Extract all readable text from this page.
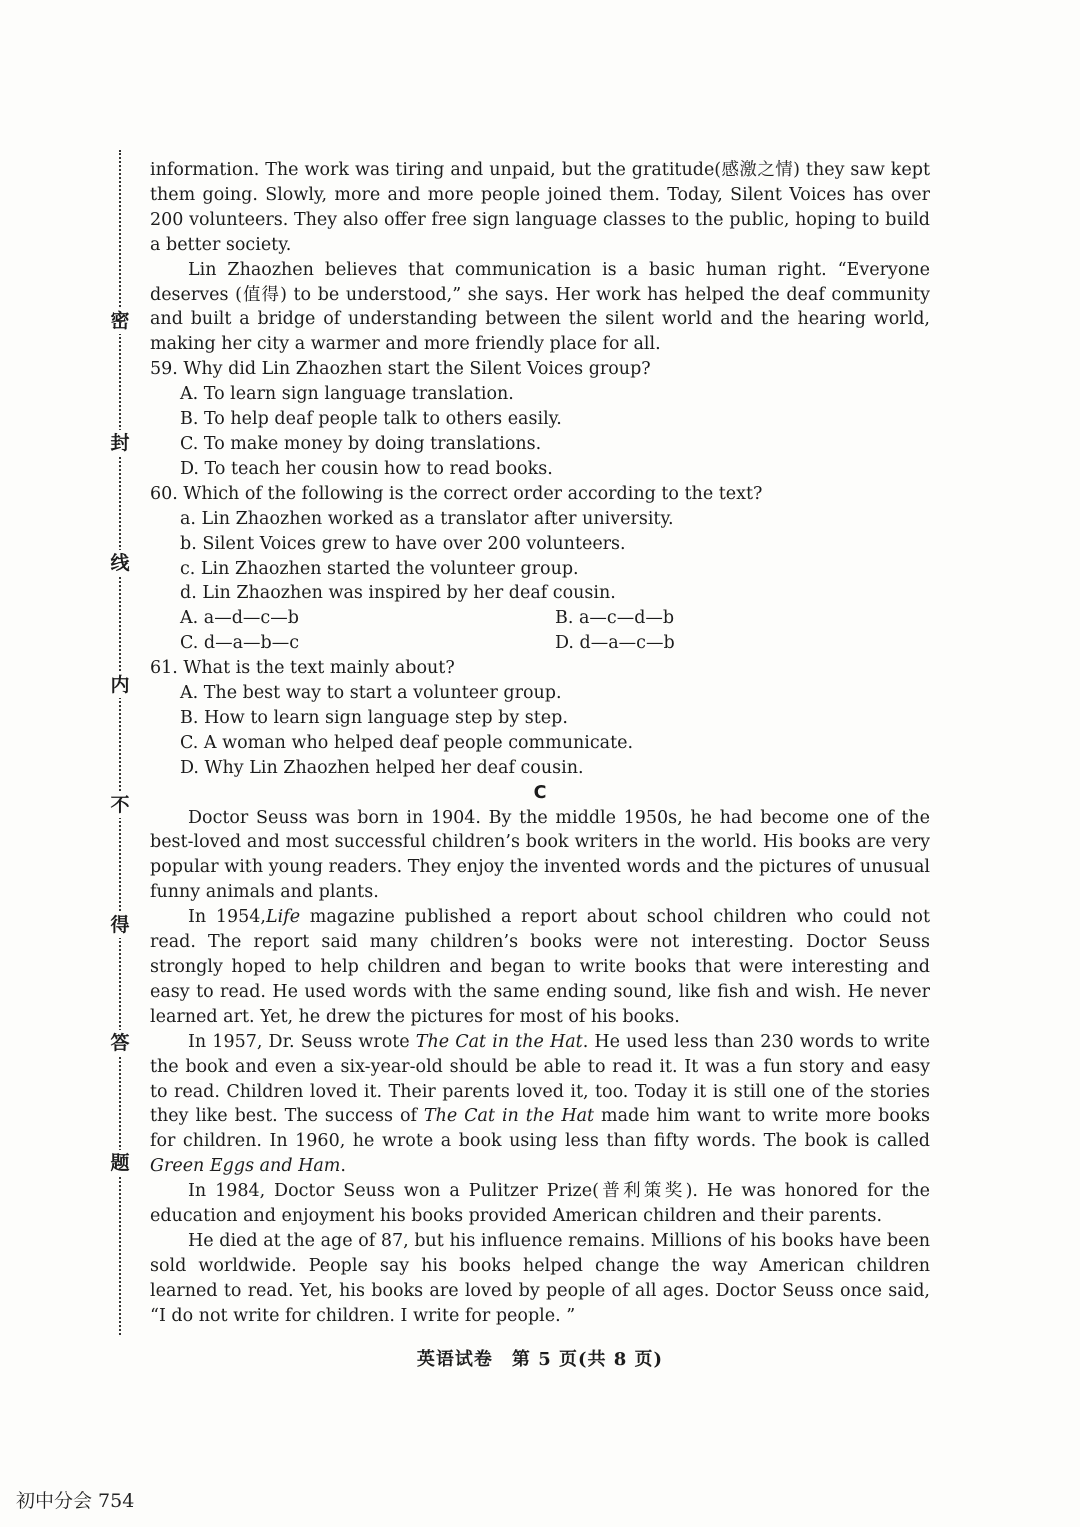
密
封
线
内
不
得
答
题

information. The work was tiring and unpaid, but the gratitude(感激之情) they saw kept them going. Slowly, more and more people joined them. Today, Silent Voices has over 200 volunteers. They also offer free sign language classes to the public, hoping to build a better society.

Lin Zhaozhen believes that communication is a basic human right. “Everyone deserves (值得) to be understood,” she says. Her work has helped the deaf community and built a bridge of understanding between the silent world and the hearing world, making her city a warmer and more friendly place for all.

59. Why did Lin Zhaozhen start the Silent Voices group?

A. To learn sign language translation.

B. To help deaf people talk to others easily.

C. To make money by doing translations.

D. To teach her cousin how to read books.

60. Which of the following is the correct order according to the text?

a. Lin Zhaozhen worked as a translator after university.

b. Silent Voices grew to have over 200 volunteers.

c. Lin Zhaozhen started the volunteer group.

d. Lin Zhaozhen was inspired by her deaf cousin.

A. a—d—c—b	B. a—c—d—b
C. d—a—b—c	D. d—a—c—b

61. What is the text mainly about?

A. The best way to start a volunteer group.

B. How to learn sign language step by step.

C. A woman who helped deaf people communicate.

D. Why Lin Zhaozhen helped her deaf cousin.

C

Doctor Seuss was born in 1904. By the middle 1950s, he had become one of the best-loved and most successful children’s book writers in the world. His books are very popular with young readers. They enjoy the invented words and the pictures of unusual funny animals and plants.

In 1954,Life magazine published a report about school children who could not read. The report said many children’s books were not interesting. Doctor Seuss strongly hoped to help children and began to write books that were interesting and easy to read. He used words with the same ending sound, like fish and wish. He never learned art. Yet, he drew the pictures for most of his books.

In 1957, Dr. Seuss wrote The Cat in the Hat. He used less than 230 words to write the book and even a six-year-old should be able to read it. It was a fun story and easy to read. Children loved it. Their parents loved it, too. Today it is still one of the stories they like best. The success of The Cat in the Hat made him want to write more books for children. In 1960, he wrote a book using less than fifty words. The book is called Green Eggs and Ham.

In 1984, Doctor Seuss won a Pulitzer Prize(普利策奖). He was honored for the education and enjoyment his books provided American children and their parents.

He died at the age of 87, but his influence remains. Millions of his books have been sold worldwide. People say his books helped change the way American children learned to read. Yet, his books are loved by people of all ages. Doctor Seuss once said, “I do not write for children. I write for people. ”

英语试卷　第 5 页(共 8 页)
初中分会 754
